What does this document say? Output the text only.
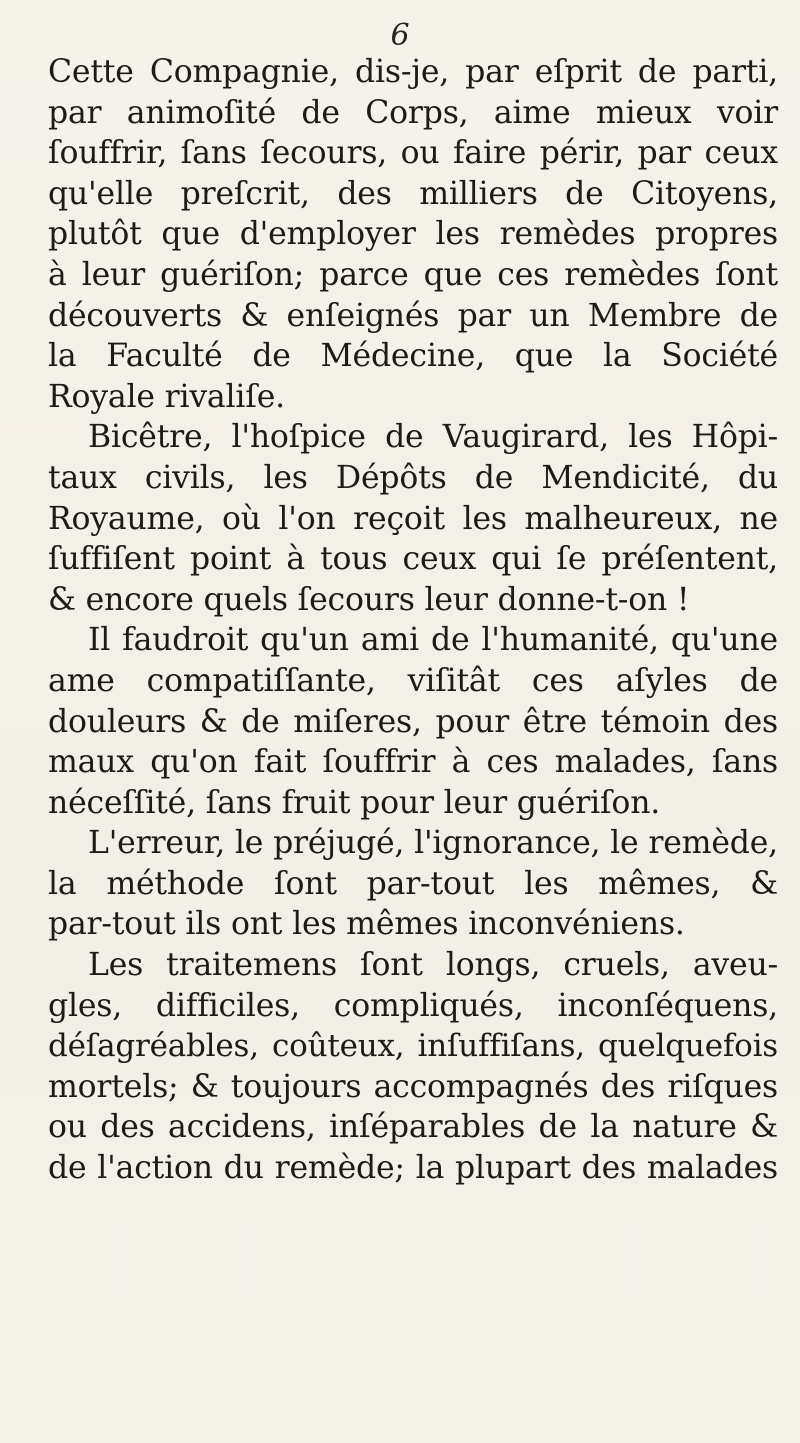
6
Cette Compagnie, dis-je, par eſprit de parti,
par animoſité de Corps, aime mieux voir
ſouffrir, ſans ſecours, ou faire périr, par ceux
qu'elle preſcrit, des milliers de Citoyens,
plutôt que d'employer les remèdes propres
à leur guériſon; parce que ces remèdes ſont
découverts & enſeignés par un Membre de
la Faculté de Médecine, que la Société
Royale rivaliſe.
Bicêtre, l'hoſpice de Vaugirard, les Hôpi-
taux civils, les Dépôts de Mendicité, du
Royaume, où l'on reçoit les malheureux, ne
ſuffiſent point à tous ceux qui ſe préſentent,
& encore quels ſecours leur donne-t-on !
Il faudroit qu'un ami de l'humanité, qu'une
ame compatiſſante, viſitât ces aſyles de
douleurs & de miſeres, pour être témoin des
maux qu'on fait ſouffrir à ces malades, ſans
néceſſité, ſans fruit pour leur guériſon.
L'erreur, le préjugé, l'ignorance, le remède,
la méthode ſont par-tout les mêmes, &
par-tout ils ont les mêmes inconvéniens.
Les traitemens ſont longs, cruels, aveu-
gles, difficiles, compliqués, inconſéquens,
déſagréables, coûteux, inſuffiſans, quelquefois
mortels; & toujours accompagnés des riſques
ou des accidens, inſéparables de la nature &
de l'action du remède; la plupart des malades
